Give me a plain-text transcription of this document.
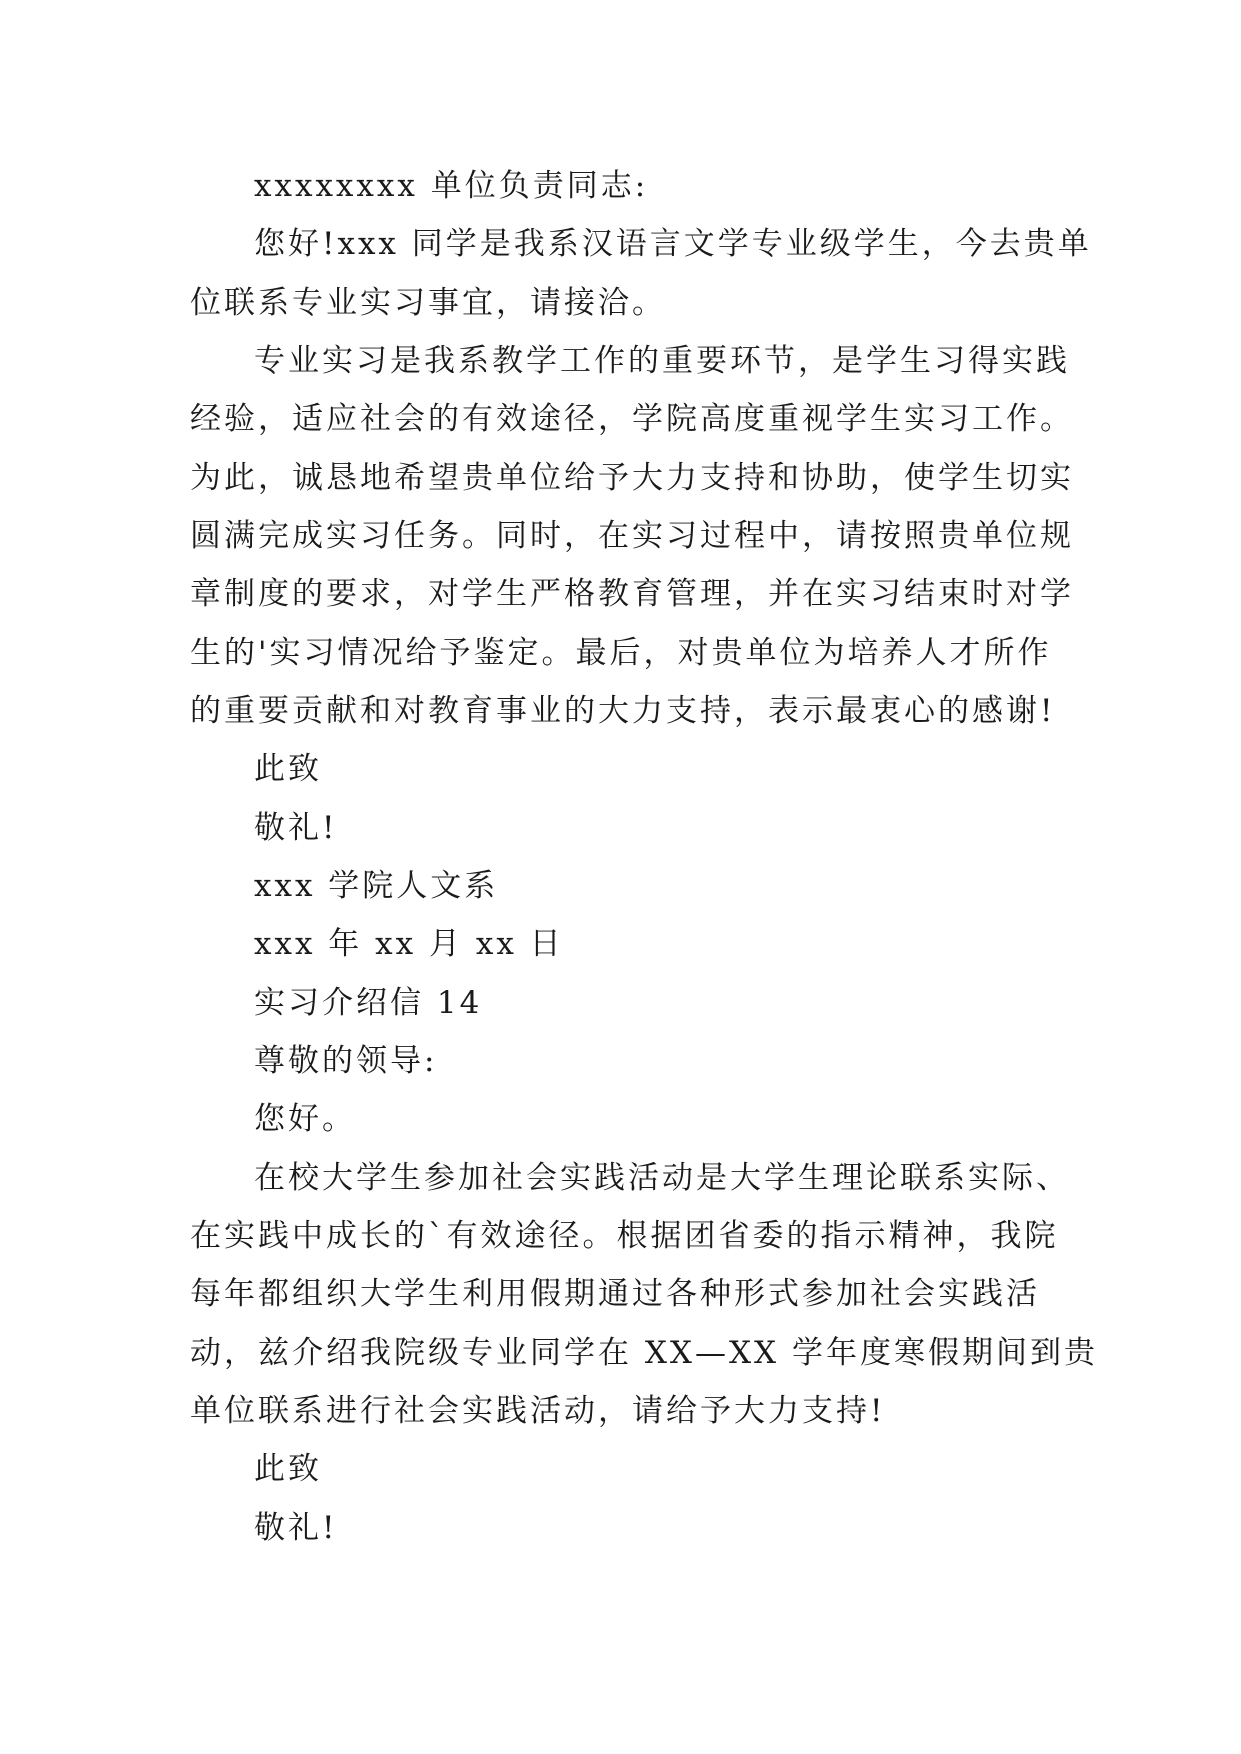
xxxxxxxx 单位负责同志:
您好!xxx 同学是我系汉语言文学专业级学生，今去贵单
位联系专业实习事宜，请接洽。
专业实习是我系教学工作的重要环节，是学生习得实践
经验，适应社会的有效途径，学院高度重视学生实习工作。
为此，诚恳地希望贵单位给予大力支持和协助，使学生切实
圆满完成实习任务。同时，在实习过程中，请按照贵单位规
章制度的要求，对学生严格教育管理，并在实习结束时对学
生的'实习情况给予鉴定。最后，对贵单位为培养人才所作
的重要贡献和对教育事业的大力支持，表示最衷心的感谢!
此致
敬礼!
xxx 学院人文系
xxx 年 xx 月 xx 日
实习介绍信 14
尊敬的领导:
您好。
在校大学生参加社会实践活动是大学生理论联系实际、
在实践中成长的`有效途径。根据团省委的指示精神，我院
每年都组织大学生利用假期通过各种形式参加社会实践活
动，兹介绍我院级专业同学在 XX—XX 学年度寒假期间到贵
单位联系进行社会实践活动，请给予大力支持!
此致
敬礼!
